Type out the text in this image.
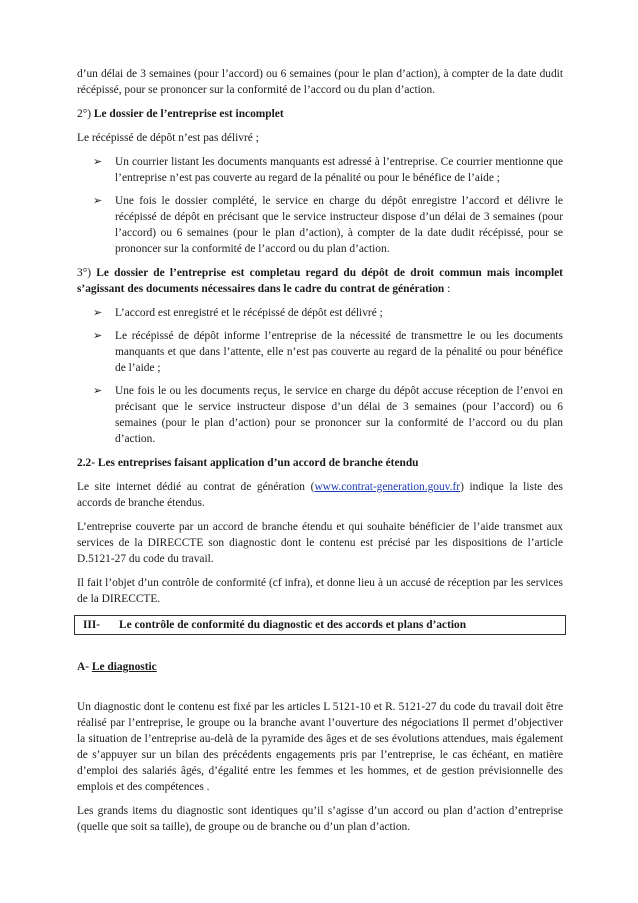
d’un délai de 3 semaines (pour l’accord) ou 6 semaines (pour le plan d’action), à compter de la date dudit récépissé, pour se prononcer sur la conformité de l’accord ou du plan d’action.

2°) Le dossier de l’entreprise est incomplet

Le récépissé de dépôt n’est pas délivré ;

➢ Un courrier listant les documents manquants est adressé à l’entreprise. Ce courrier mentionne que l’entreprise n’est pas couverte au regard de la pénalité ou pour le bénéfice de l’aide ;
➢ Une fois le dossier complété, le service en charge du dépôt enregistre l’accord et délivre le récépissé de dépôt en précisant que le service instructeur dispose d’un délai de 3 semaines (pour l’accord) ou 6 semaines (pour le plan d’action), à compter de la date dudit récépissé, pour se prononcer sur la conformité de l’accord ou du plan d’action.

3°) Le dossier de l’entreprise est completau regard du dépôt de droit commun mais incomplet s’agissant des documents nécessaires dans le cadre du contrat de génération :

➢ L’accord est enregistré et le récépissé de dépôt est délivré ;
➢ Le récépissé de dépôt informe l’entreprise de la nécessité de transmettre le ou les documents manquants et que dans l’attente, elle n’est pas couverte au regard de la pénalité ou pour bénéfice de l’aide ;
➢ Une fois le ou les documents reçus, le service en charge du dépôt accuse réception de l’envoi en précisant que le service instructeur dispose d’un délai de 3 semaines (pour l’accord) ou 6 semaines (pour le plan d’action) pour se prononcer sur la conformité de l’accord ou du plan d’action.

2.2- Les entreprises faisant application d’un accord de branche étendu

Le site internet dédié au contrat de génération (www.contrat-generation.gouv.fr) indique la liste des accords de branche étendus.

L’entreprise couverte par un accord de branche étendu et qui souhaite bénéficier de l’aide transmet aux services de la DIRECCTE son diagnostic dont le contenu est précisé par les dispositions de l’article D.5121-27 du code du travail.

Il fait l’objet d’un contrôle de conformité (cf infra), et donne lieu à un accusé de réception par les services de la DIRECCTE.

III- Le contrôle de conformité du diagnostic et des accords et plans d’action

A- Le diagnostic

Un diagnostic dont le contenu est fixé par les articles L 5121-10 et R. 5121-27 du code du travail doit être réalisé par l’entreprise, le groupe ou la branche avant l’ouverture des négociations Il permet d’objectiver la situation de l’entreprise au-delà de la pyramide des âges et de ses évolutions attendues, mais également de s’appuyer sur un bilan des précédents engagements pris par l’entreprise, le cas échéant, en matière d’emploi des salariés âgés, d’égalité entre les femmes et les hommes, et de gestion prévisionnelle des emplois et des compétences .

Les grands items du diagnostic sont identiques qu’il s’agisse d’un accord ou plan d’action d’entreprise (quelle que soit sa taille), de groupe ou de branche ou d’un plan d’action.
